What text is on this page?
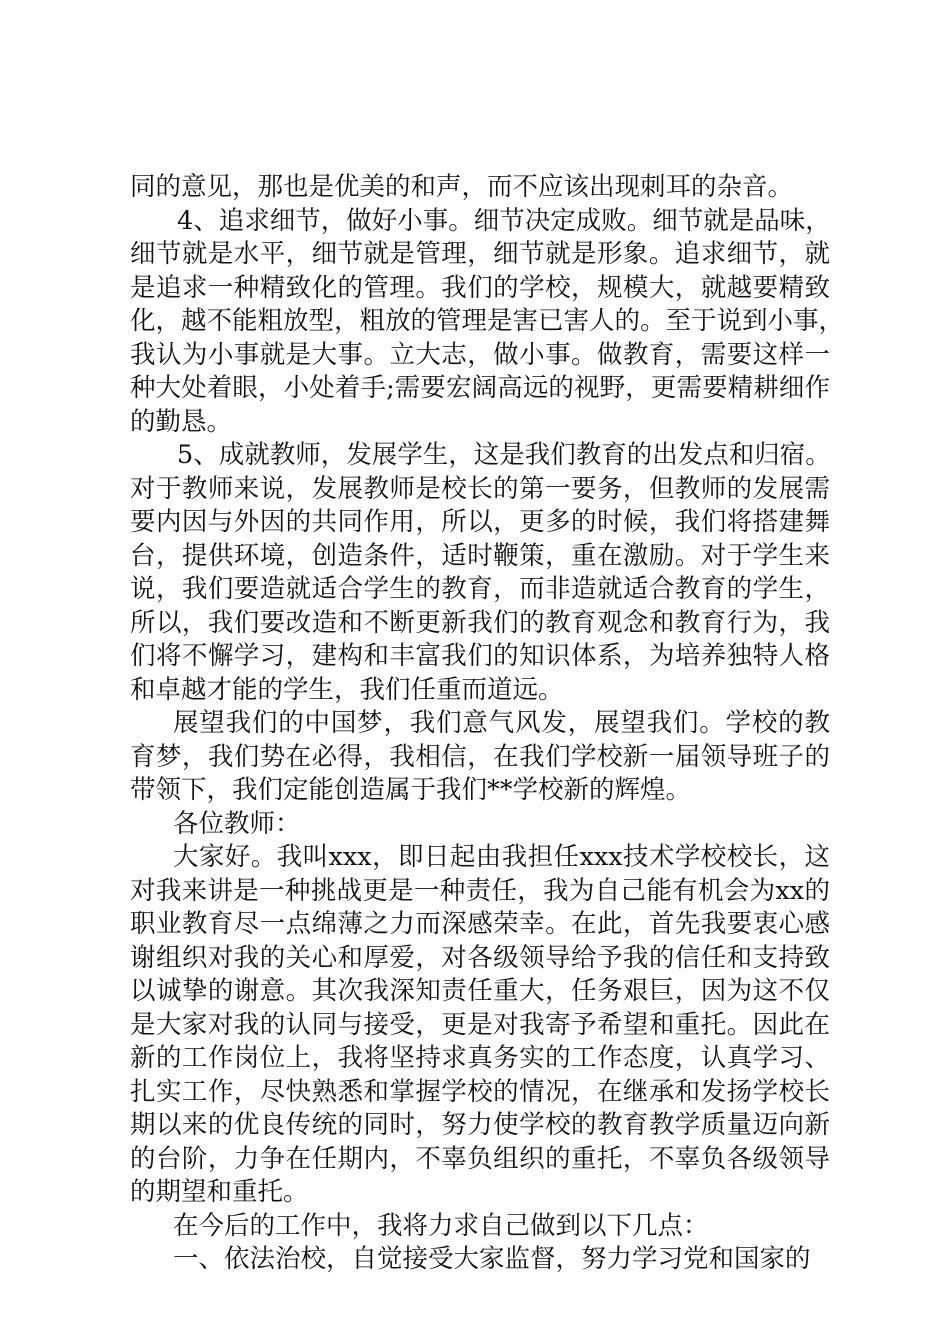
同的意见，那也是优美的和声，而不应该出现刺耳的杂音。
4、追求细节，做好小事。细节决定成败。细节就是品味，
细节就是水平，细节就是管理，细节就是形象。追求细节，就
是追求一种精致化的管理。我们的学校，规模大，就越要精致
化，越不能粗放型，粗放的管理是害已害人的。至于说到小事，
我认为小事就是大事。立大志，做小事。做教育，需要这样一
种大处着眼，小处着手;需要宏阔高远的视野，更需要精耕细作
的勤恳。
5、成就教师，发展学生，这是我们教育的出发点和归宿。
对于教师来说，发展教师是校长的第一要务，但教师的发展需
要内因与外因的共同作用，所以，更多的时候，我们将搭建舞
台，提供环境，创造条件，适时鞭策，重在激励。对于学生来
说，我们要造就适合学生的教育，而非造就适合教育的学生，
所以，我们要改造和不断更新我们的教育观念和教育行为，我
们将不懈学习，建构和丰富我们的知识体系，为培养独特人格
和卓越才能的学生，我们任重而道远。
展望我们的中国梦，我们意气风发，展望我们。学校的教
育梦，我们势在必得，我相信，在我们学校新一届领导班子的
带领下，我们定能创造属于我们**学校新的辉煌。
各位教师：
大家好。我叫xxx，即日起由我担任xxx技术学校校长，这
对我来讲是一种挑战更是一种责任，我为自己能有机会为xx的
职业教育尽一点绵薄之力而深感荣幸。在此，首先我要衷心感
谢组织对我的关心和厚爱，对各级领导给予我的信任和支持致
以诚挚的谢意。其次我深知责任重大，任务艰巨，因为这不仅
是大家对我的认同与接受，更是对我寄予希望和重托。因此在
新的工作岗位上，我将坚持求真务实的工作态度，认真学习、
扎实工作，尽快熟悉和掌握学校的情况，在继承和发扬学校长
期以来的优良传统的同时，努力使学校的教育教学质量迈向新
的台阶，力争在任期内，不辜负组织的重托，不辜负各级领导
的期望和重托。
在今后的工作中，我将力求自己做到以下几点：
一、依法治校，自觉接受大家监督，努力学习党和国家的
